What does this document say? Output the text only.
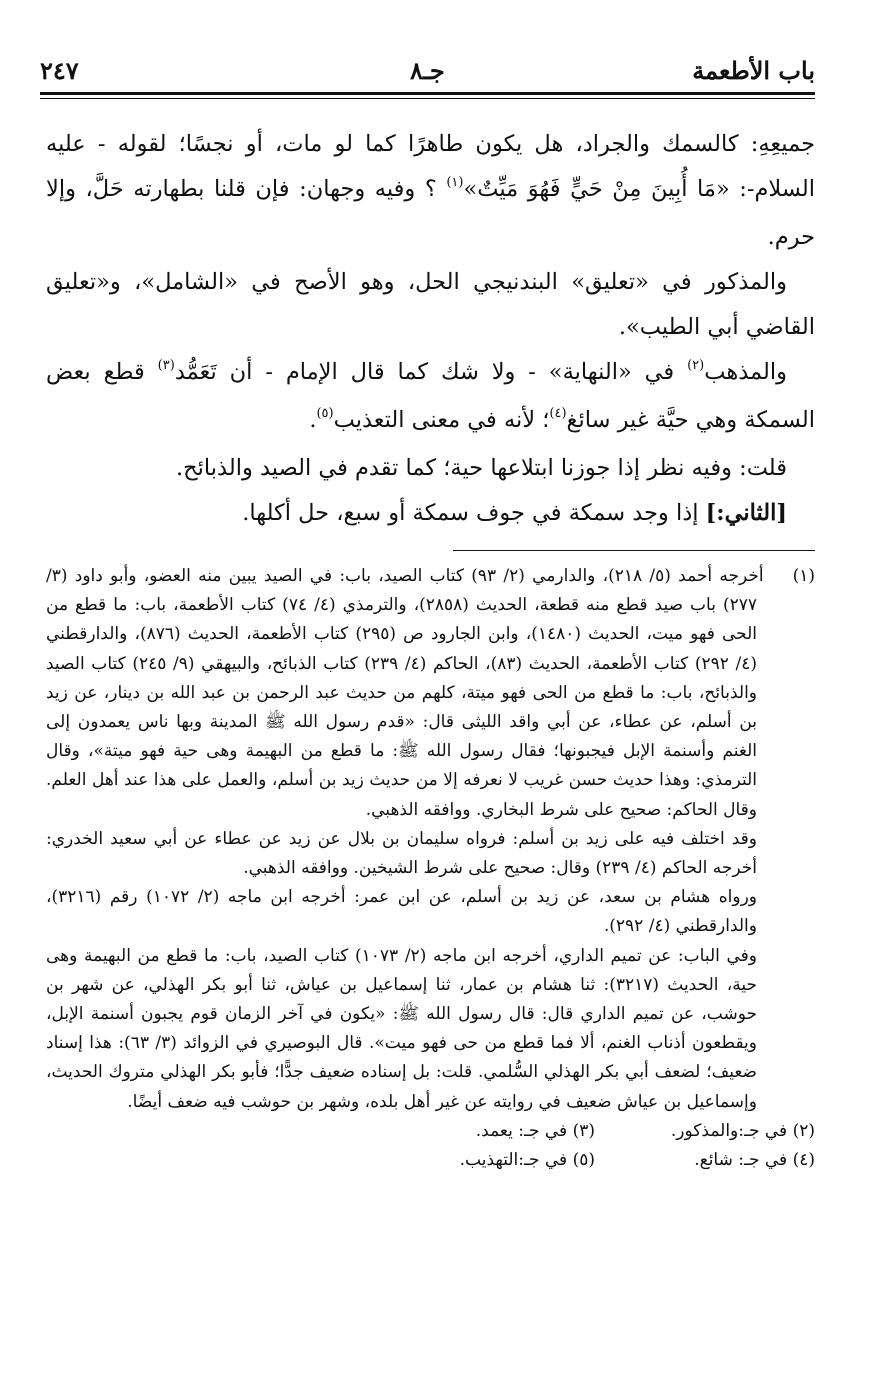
باب الأطعمة
جـ٨
٢٤٧

جميعِهِ: كالسمك والجراد، هل يكون طاهرًا كما لو مات، أو نجسًا؛ لقوله - عليه السلام-: «مَا أُبِينَ مِنْ حَيٍّ فَهُوَ مَيِّتٌ»$^{(١)}$ ؟ وفيه وجهان: فإن قلنا بطهارته حَلَّ، وإلا حرم.

والمذكور في «تعليق» البندنيجي الحل، وهو الأصح في «الشامل»، و«تعليق القاضي أبي الطيب».

والمذهب$^{(٢)}$ في «النهاية» - ولا شك كما قال الإمام - أن تَعَمُّد$^{(٣)}$ قطع بعض السمكة وهي حيَّة غير سائغ$^{(٤)}$؛ لأنه في معنى التعذيب$^{(٥)}$.

قلت: وفيه نظر إذا جوزنا ابتلاعها حية؛ كما تقدم في الصيد والذبائح.

[الثاني:] إذا وجد سمكة في جوف سمكة أو سبع، حل أكلها.

(١)    أخرجه أحمد (٥/ ٢١٨)، والدارمي (٢/ ٩٣) كتاب الصيد، باب: في الصيد يبين منه العضو، وأبو داود (٣/ ٢٧٧) باب صيد قطع منه قطعة، الحديث (٢٨٥٨)، والترمذي (٤/ ٧٤) كتاب الأطعمة، باب: ما قطع من الحى فهو ميت، الحديث (١٤٨٠)، وابن الجارود ص (٢٩٥) كتاب الأطعمة، الحديث (٨٧٦)، والدارقطني (٤/ ٢٩٢) كتاب الأطعمة، الحديث (٨٣)، الحاكم (٤/ ٢٣٩) كتاب الذبائح، والبيهقي (٩/ ٢٤٥) كتاب الصيد والذبائح، باب: ما قطع من الحى فهو ميتة، كلهم من حديث عبد الرحمن بن عبد الله بن دينار، عن زيد بن أسلم، عن عطاء، عن أبي واقد الليثى قال: «قدم رسول الله ﷺ المدينة وبها ناس يعمدون إلى الغنم وأسنمة الإبل فيجبونها؛ فقال رسول الله ﷺ: ما قطع من البهيمة وهى حية فهو ميتة»، وقال الترمذي: وهذا حديث حسن غريب لا نعرفه إلا من حديث زيد بن أسلم، والعمل على هذا عند أهل العلم. وقال الحاكم: صحيح على شرط البخاري. ووافقه الذهبي.

وقد اختلف فيه على زيد بن أسلم: فرواه سليمان بن بلال عن زيد عن عطاء عن أبي سعيد الخدري: أخرجه الحاكم (٤/ ٢٣٩) وقال: صحيح على شرط الشيخين. ووافقه الذهبي.

ورواه هشام بن سعد، عن زيد بن أسلم، عن ابن عمر: أخرجه ابن ماجه (٢/ ١٠٧٢) رقم (٣٢١٦)، والدارقطني (٤/ ٢٩٢).

وفي الباب: عن تميم الداري، أخرجه ابن ماجه (٢/ ١٠٧٣) كتاب الصيد، باب: ما قطع من البهيمة وهى حية، الحديث (٣٢١٧): ثنا هشام بن عمار، ثنا إسماعيل بن عياش، ثنا أبو بكر الهذلي، عن شهر بن حوشب، عن تميم الداري قال: قال رسول الله ﷺ: «يكون في آخر الزمان قوم يجبون أسنمة الإبل، ويقطعون أذناب الغنم، ألا فما قطع من حى فهو ميت». قال البوصيري في الزوائد (٣/ ٦٣): هذا إسناد ضعيف؛ لضعف أبي بكر الهذلي السُّلمي. قلت: بل إسناده ضعيف جدًّا؛ فأبو بكر الهذلي متروك الحديث، وإسماعيل بن عياش ضعيف في روايته عن غير أهل بلده، وشهر بن حوشب فيه ضعف أيضًا.

(٢) في جـ:والمذكور.
(٣) في جـ: يعمد.
(٤) في جـ: شائع.
(٥) في جـ:التهذيب.
